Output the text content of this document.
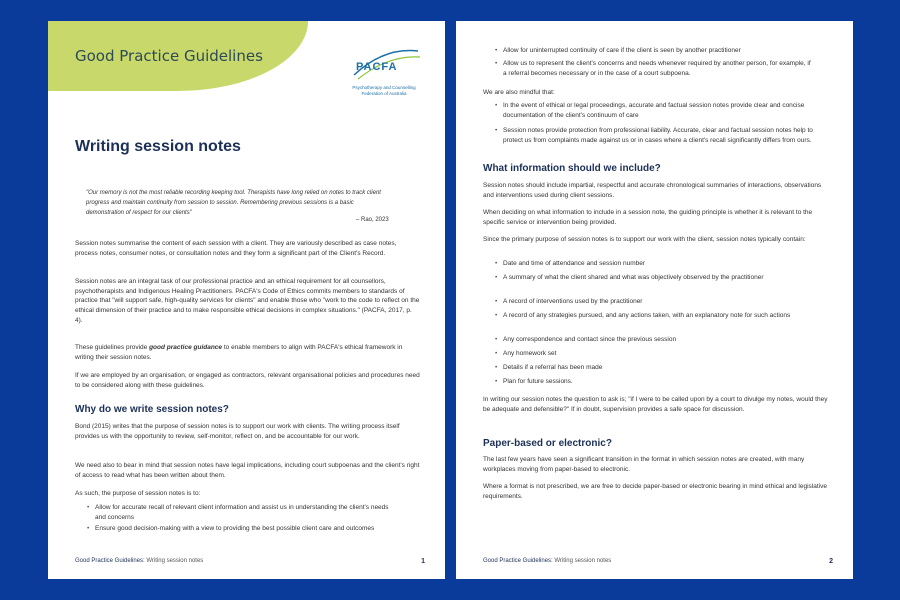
Good Practice Guidelines
PACFA
Psychotherapy and Counselling Federation of Australia
Writing session notes
"Our memory is not the most reliable recording keeping tool. Therapists have long relied on notes to track client progress and maintain continuity from session to session. Remembering previous sessions is a basic demonstration of respect for our clients"
– Rao, 2023
Session notes summarise the content of each session with a client. They are variously described as case notes, process notes, consumer notes, or consultation notes and they form a significant part of the Client's Record.
Session notes are an integral task of our professional practice and an ethical requirement for all counsellors, psychotherapists and Indigenous Healing Practitioners. PACFA's Code of Ethics commits members to standards of practice that "will support safe, high-quality services for clients" and enable those who "work to the code to reflect on the ethical dimension of their practice and to make responsible ethical decisions in complex situations." (PACFA, 2017, p. 4).
These guidelines provide good practice guidance to enable members to align with PACFA's ethical framework in writing their session notes.
If we are employed by an organisation, or engaged as contractors, relevant organisational policies and procedures need to be considered along with these guidelines.
Why do we write session notes?
Bond (2015) writes that the purpose of session notes is to support our work with clients. The writing process itself provides us with the opportunity to review, self-monitor, reflect on, and be accountable for our work.
We need also to bear in mind that session notes have legal implications, including court subpoenas and the client's right of access to read what has been written about them.
As such, the purpose of session notes is to:
• Allow for accurate recall of relevant client information and assist us in understanding the client's needs and concerns
• Ensure good decision-making with a view to providing the best possible client care and outcomes
Good Practice Guidelines: Writing session notes	1
• Allow for uninterrupted continuity of care if the client is seen by another practitioner
• Allow us to represent the client's concerns and needs whenever required by another person, for example, if a referral becomes necessary or in the case of a court subpoena.
We are also mindful that:
• In the event of ethical or legal proceedings, accurate and factual session notes provide clear and concise documentation of the client's continuum of care
• Session notes provide protection from professional liability. Accurate, clear and factual session notes help to protect us from complaints made against us or in cases where a client's recall significantly differs from ours.
What information should we include?
Session notes should include impartial, respectful and accurate chronological summaries of interactions, observations and interventions used during client sessions.
When deciding on what information to include in a session note, the guiding principle is whether it is relevant to the specific service or intervention being provided.
Since the primary purpose of session notes is to support our work with the client, session notes typically contain:
• Date and time of attendance and session number
• A summary of what the client shared and what was objectively observed by the practitioner
• A record of interventions used by the practitioner
• A record of any strategies pursued, and any actions taken, with an explanatory note for such actions
• Any correspondence and contact since the previous session
• Any homework set
• Details if a referral has been made
• Plan for future sessions.
In writing our session notes the question to ask is; "if I were to be called upon by a court to divulge my notes, would they be adequate and defensible?" If in doubt, supervision provides a safe space for discussion.
Paper-based or electronic?
The last few years have seen a significant transition in the format in which session notes are created, with many workplaces moving from paper-based to electronic.
Where a format is not prescribed, we are free to decide paper-based or electronic bearing in mind ethical and legislative requirements.
Good Practice Guidelines: Writing session notes	2
